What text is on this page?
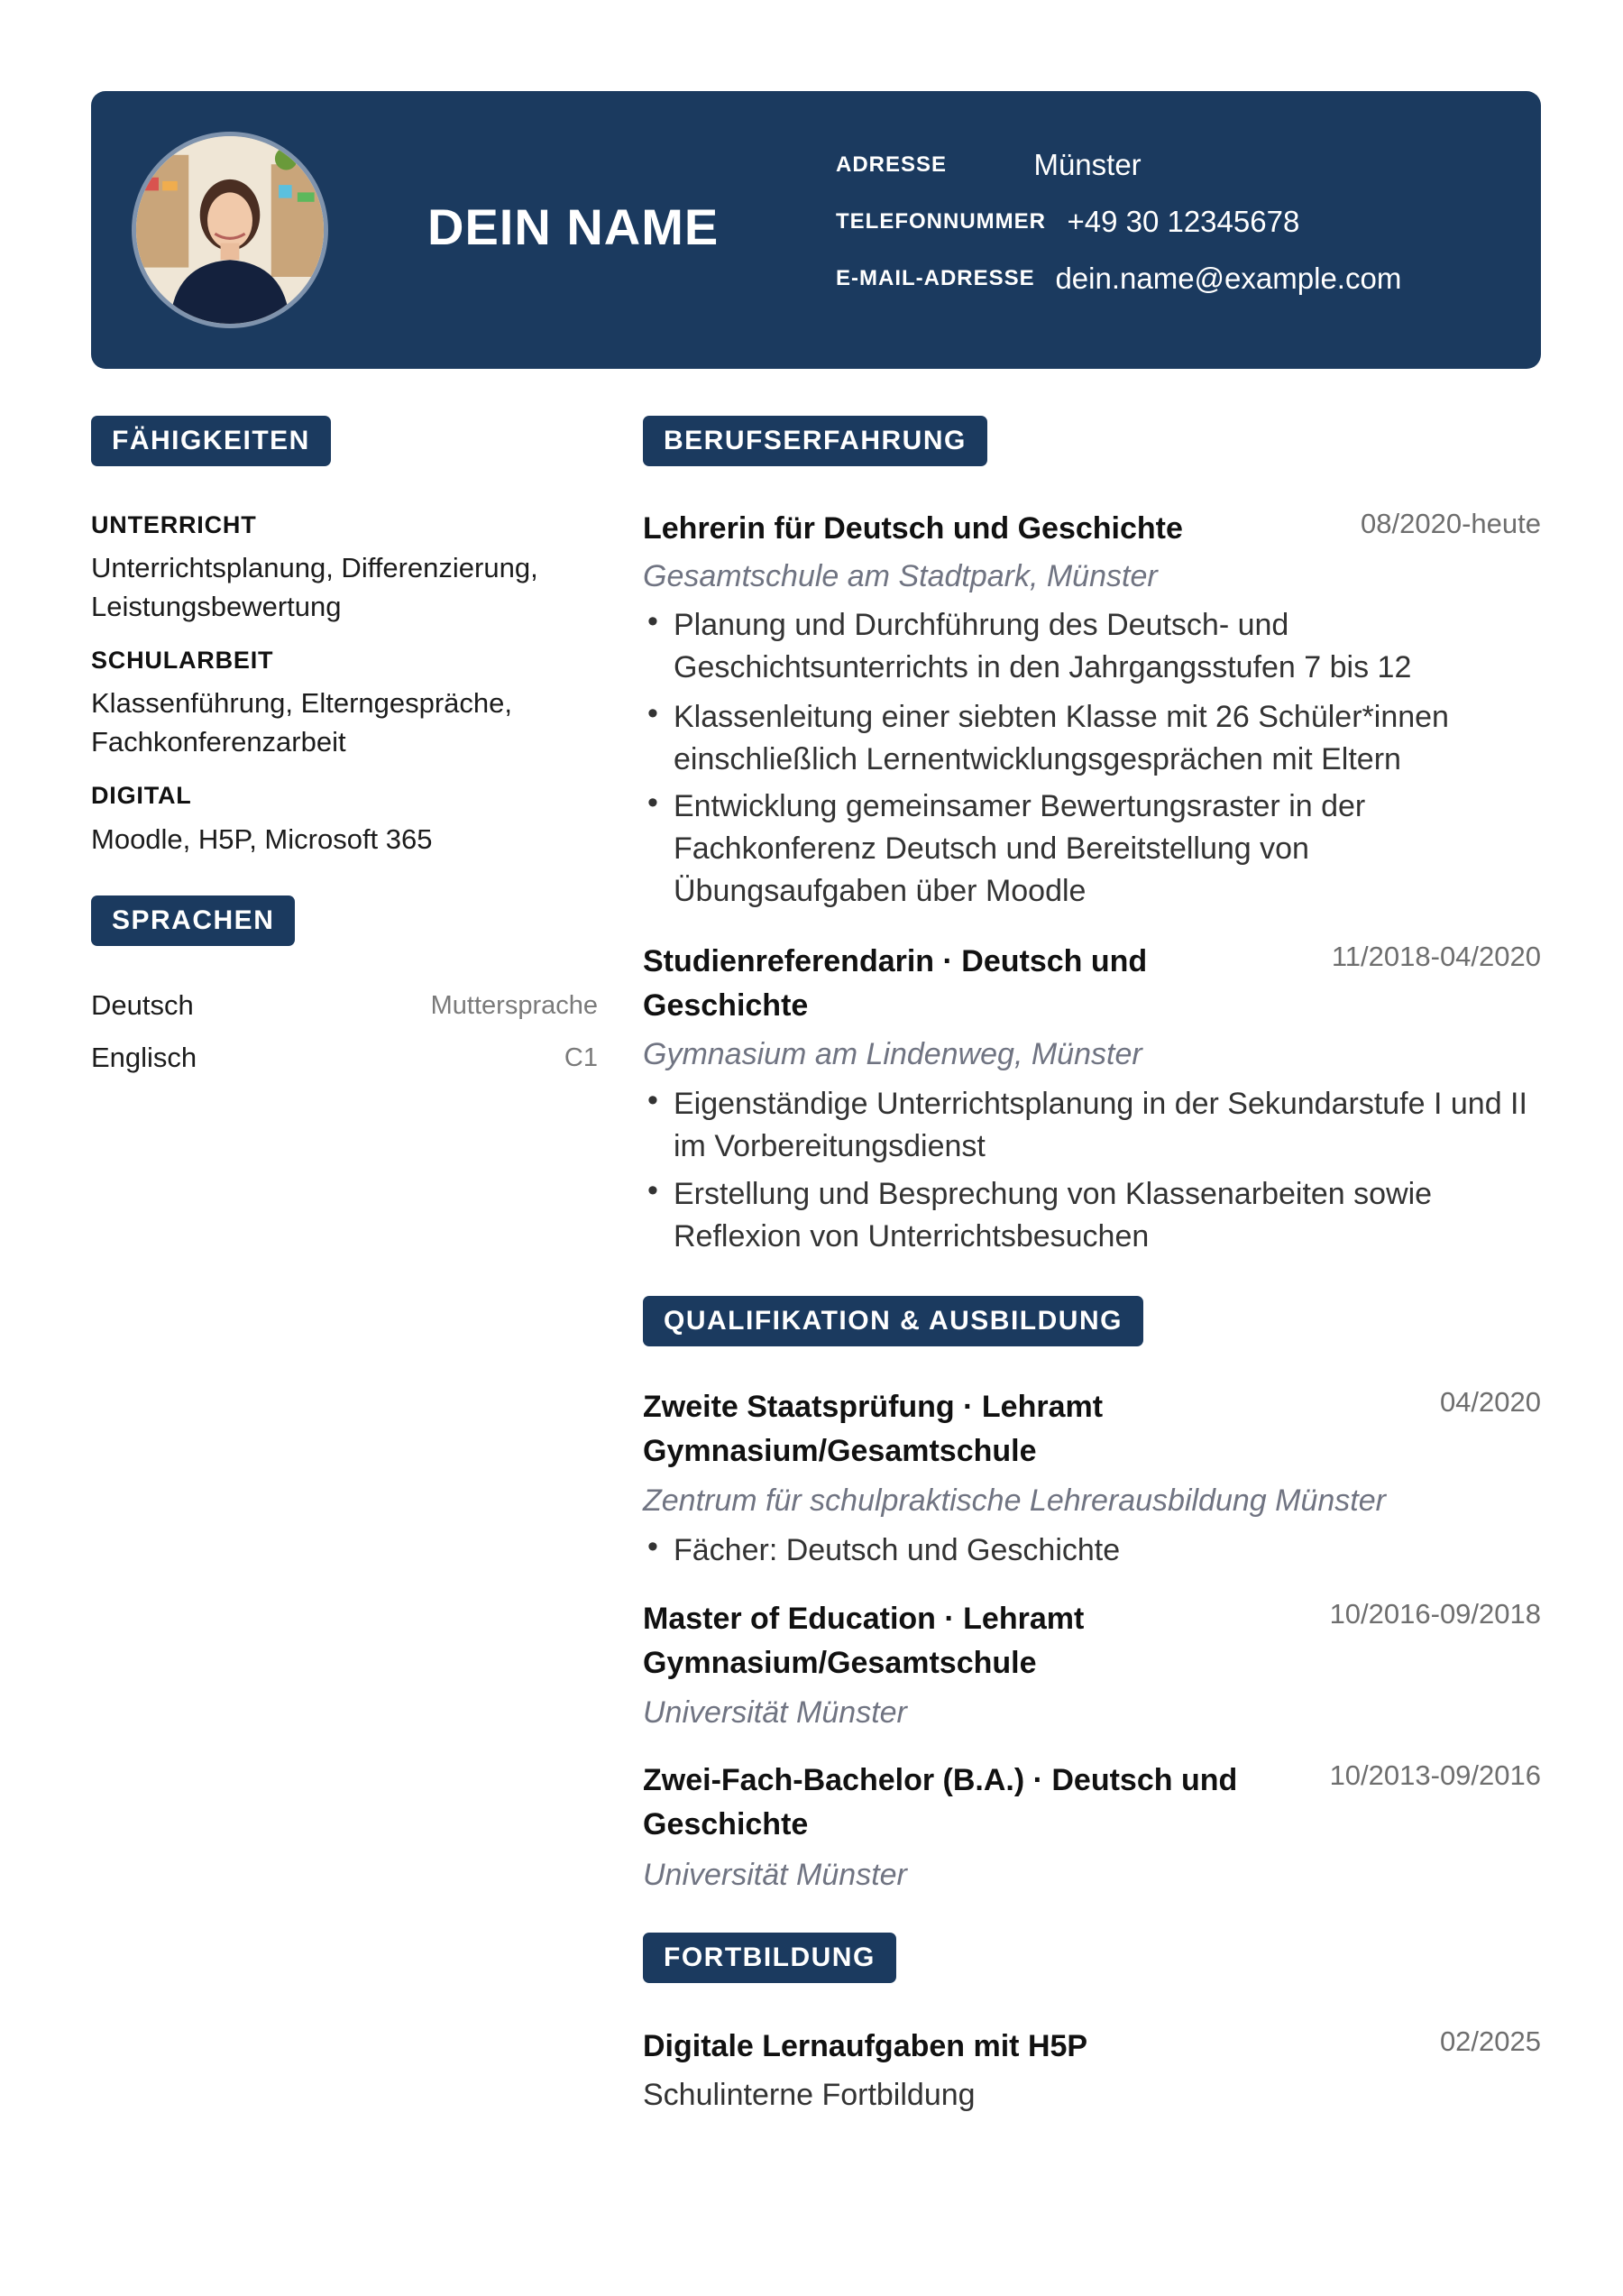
DEIN NAME
ADRESSE	Münster
TELEFONNUMMER +49 30 12345678
E-MAIL-ADRESSE dein.name@example.com
FÄHIGKEITEN
UNTERRICHT
Unterrichtsplanung, Differenzierung,
Leistungsbewertung
SCHULARBEIT
Klassenführung, Elterngespräche,
Fachkonferenzarbeit
DIGITAL
Moodle, H5P, Microsoft 365
SPRACHEN
Deutsch	Muttersprache
Englisch	C1
BERUFSERFAHRUNG
Lehrerin für Deutsch und Geschichte	08/2020-heute
Gesamtschule am Stadtpark, Münster
• Planung und Durchführung des Deutsch- und Geschichtsunterrichts in den Jahrgangsstufen 7 bis 12
• Klassenleitung einer siebten Klasse mit 26 Schüler*innen einschließlich Lernentwicklungsgesprächen mit Eltern
• Entwicklung gemeinsamer Bewertungsraster in der Fachkonferenz Deutsch und Bereitstellung von Übungsaufgaben über Moodle
Studienreferendarin · Deutsch und Geschichte
11/2018-04/2020
Gymnasium am Lindenweg, Münster
• Eigenständige Unterrichtsplanung in der Sekundarstufe I und II im Vorbereitungsdienst
• Erstellung und Besprechung von Klassenarbeiten sowie Reflexion von Unterrichtsbesuchen
QUALIFIKATION & AUSBILDUNG
Zweite Staatsprüfung · Lehramt Gymnasium/Gesamtschule
04/2020
Zentrum für schulpraktische Lehrerausbildung Münster
• Fächer: Deutsch und Geschichte
Master of Education · Lehramt Gymnasium/Gesamtschule
10/2016-09/2018
Universität Münster
Zwei-Fach-Bachelor (B.A.) · Deutsch und Geschichte
10/2013-09/2016
Universität Münster
FORTBILDUNG
Digitale Lernaufgaben mit H5P	02/2025
Schulinterne Fortbildung
